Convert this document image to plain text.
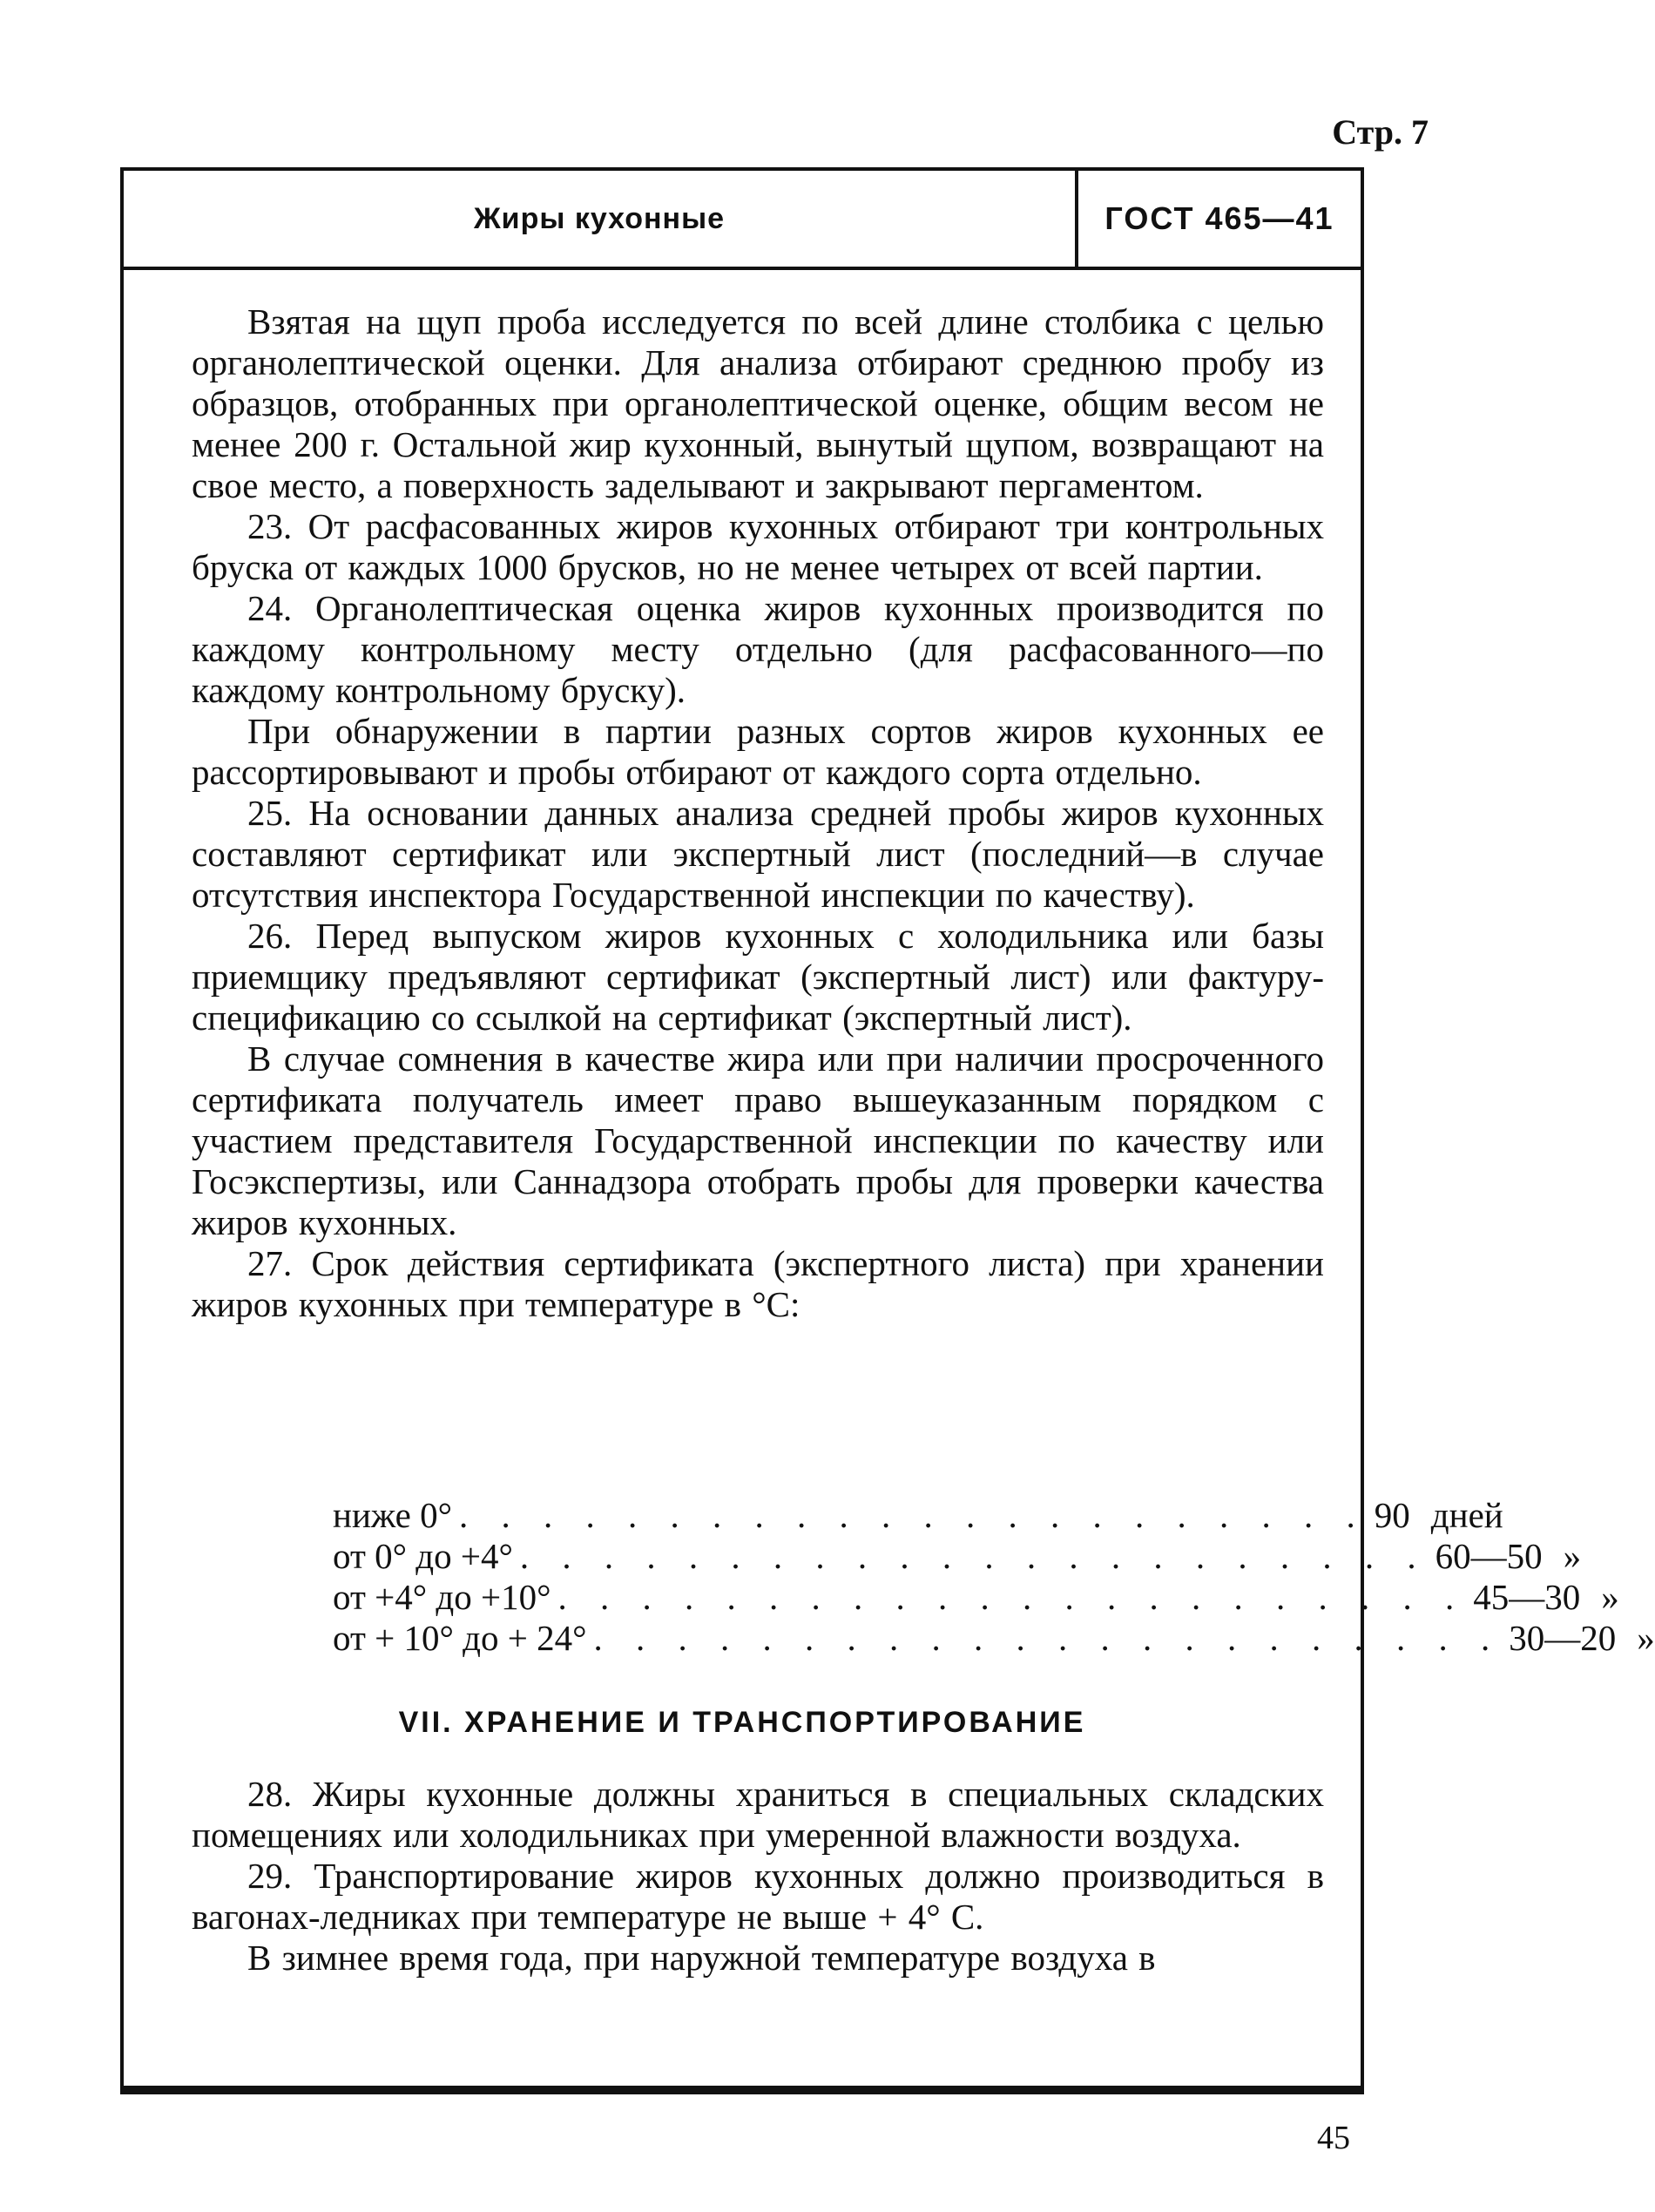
Стр. 7
Жиры кухонные	ГОСТ 465—41

Взятая на щуп проба исследуется по всей длине столбика с целью органолептической оценки. Для анализа отбирают среднюю пробу из образцов, отобранных при органолептической оценке, общим весом не менее 200 г. Остальной жир кухонный, вынутый щупом, возвращают на свое место, а поверхность заделывают и закрывают пергаментом.

23. От расфасованных жиров кухонных отбирают три контрольных бруска от каждых 1000 брусков, но не менее четырех от всей партии.

24. Органолептическая оценка жиров кухонных производится по каждому контрольному месту отдельно (для расфасованного—по каждому контрольному бруску).

При обнаружении в партии разных сортов жиров кухонных ее рассортировывают и пробы отбирают от каждого сорта отдельно.

25. На основании данных анализа средней пробы жиров кухонных составляют сертификат или экспертный лист (последний—в случае отсутствия инспектора Государственной инспекции по качеству).

26. Перед выпуском жиров кухонных с холодильника или базы приемщику предъявляют сертификат (экспертный лист) или фактуру-спецификацию со ссылкой на сертификат (экспертный лист).

В случае сомнения в качестве жира или при наличии просроченного сертификата получатель имеет право вышеуказанным порядком с участием представителя Государственной инспекции по качеству или Госэкспертизы, или Саннадзора отобрать пробы для проверки качества жиров кухонных.

27. Срок действия сертификата (экспертного листа) при хранении жиров кухонных при температуре в °С:

ниже 0° . . . . . . . . . . . . . . . . . . . . . . 90 дней
от 0° до +4° . . . . . . . . . . . . . . . . . . . . . . 60—50 »
от +4° до +10° . . . . . . . . . . . . . . . . . . . . . . 45—30 »
от + 10° до + 24° . . . . . . . . . . . . . . . . . . . . . . 30—20 »
VII. ХРАНЕНИЕ И ТРАНСПОРТИРОВАНИЕ

28. Жиры кухонные должны храниться в специальных складских помещениях или холодильниках при умеренной влажности воздуха.

29. Транспортирование жиров кухонных должно производиться в вагонах-ледниках при температуре не выше + 4° С.

В зимнее время года, при наружной температуре воздуха в

45
